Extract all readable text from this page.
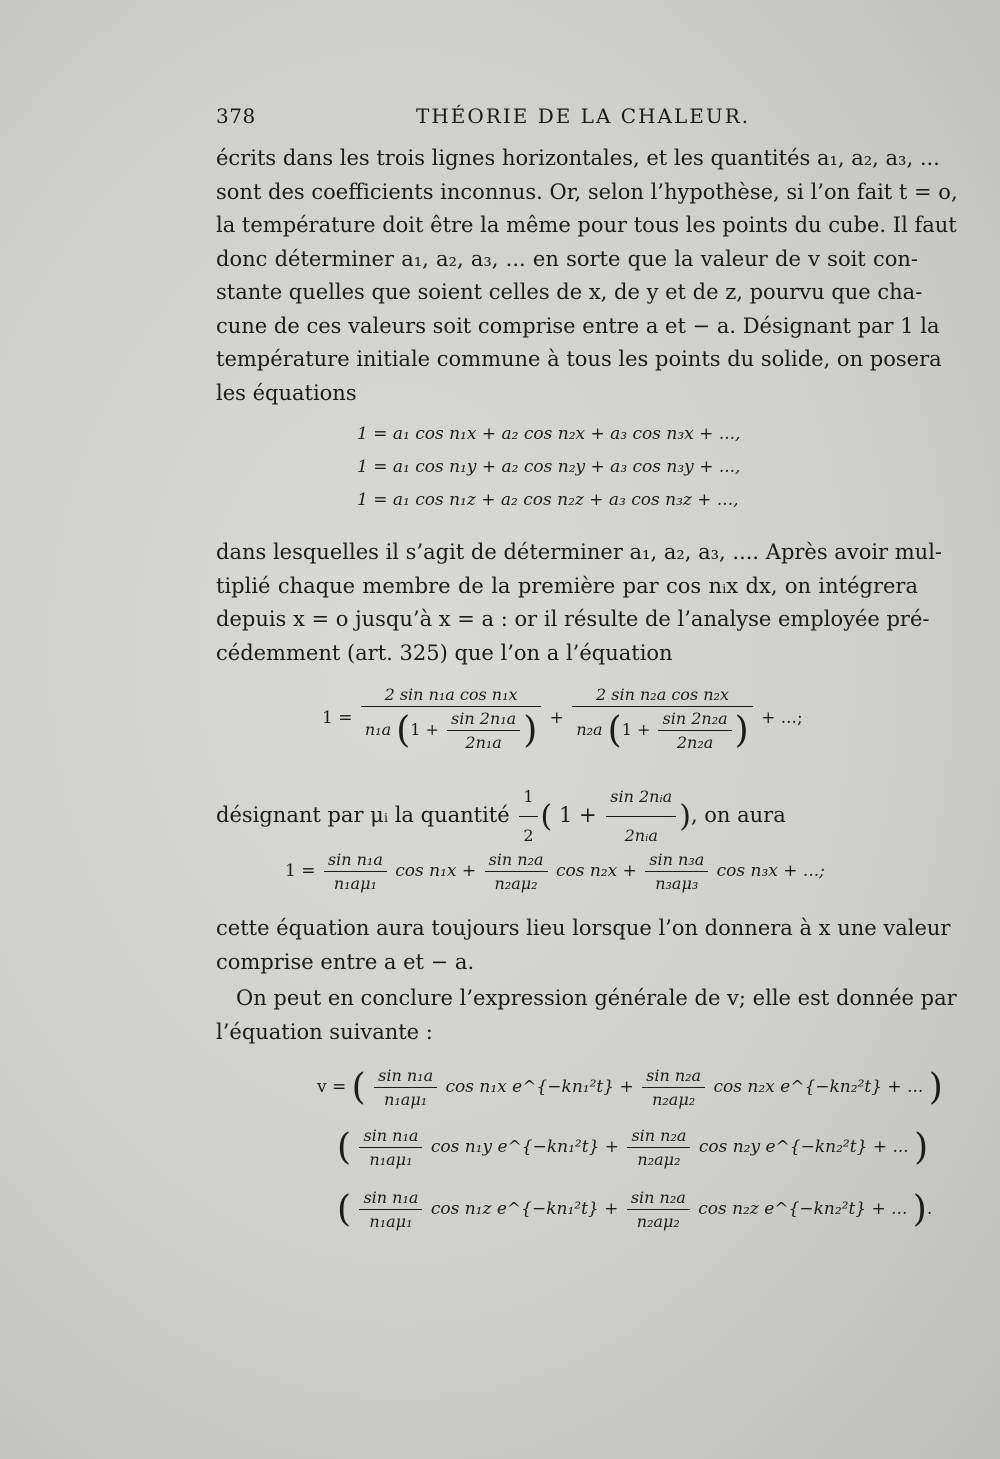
378	THÉORIE DE LA CHALEUR.
écrits dans les trois lignes horizontales, et les quantités a₁, a₂, a₃, ...
sont des coefficients inconnus. Or, selon l’hypothèse, si l’on fait t = o,
la température doit être la même pour tous les points du cube. Il faut
donc déterminer a₁, a₂, a₃, ... en sorte que la valeur de v soit con-
stante quelles que soient celles de x, de y et de z, pourvu que cha-
cune de ces valeurs soit comprise entre a et − a. Désignant par 1 la
température initiale commune à tous les points du solide, on posera
les équations
1 = a₁ cos n₁x + a₂ cos n₂x + a₃ cos n₃x + ...,
1 = a₁ cos n₁y + a₂ cos n₂y + a₃ cos n₃y + ...,
1 = a₁ cos n₁z + a₂ cos n₂z + a₃ cos n₃z + ...,
dans lesquelles il s’agit de déterminer a₁, a₂, a₃, .... Après avoir mul-
tiplié chaque membre de la première par cos nᵢx dx, on intégrera
depuis x = o jusqu’à x = a : or il résulte de l’analyse employée pré-
cédemment (art. 325) que l’on a l’équation
1 =
2 sin n₁a cos n₁x
n₁a ($1 + \frac{\text{sin 2n₁a}}{\text{2n₁a}}$ ) +
2 sin n₂a cos n₂x
n₂a ($1 + \frac{\text{sin 2n₂a}}{\text{2n₂a}}$ ) + ...;
désignant par μᵢ la quantité $\frac{1}{2}$ ( $1 + \frac{\text{sin 2nᵢa}}{\text{2nᵢa}}$ ), on aura
$1 = \frac{\text{sin n₁a}}{\text{n₁aμ₁}}$ $\cos n_1x + \frac{\text{sin n₂a}}{\text{n₂aμ₂}}$ $\cos n_2x + \frac{\text{sin n₃a}}{\text{n₃aμ₃}}$ cos n₃x + ...;
cette équation aura toujours lieu lorsque l’on donnera à x une valeur
comprise entre a et − a.
On peut en conclure l’expression générale de v; elle est donnée par
l’équation suivante :
v = ( $\frac{\text{sin n₁a}}{\text{n₁aμ₁}}$ cos n₁x e^{−kn₁²t} + $\frac{\text{sin n₂a}}{\text{n₂aμ₂}}$ cos n₂x e^{−kn₂²t} + ... )
( $\frac{\text{sin n₁a}}{\text{n₁aμ₁}}$ cos n₁y e^{−kn₁²t} + $\frac{\text{sin n₂a}}{\text{n₂aμ₂}}$ cos n₂y e^{−kn₂²t} + ... )
( $\frac{\text{sin n₁a}}{\text{n₁aμ₁}}$ cos n₁z e^{−kn₁²t} + $\frac{\text{sin n₂a}}{\text{n₂aμ₂}}$ cos n₂z e^{−kn₂²t} + ... ).
